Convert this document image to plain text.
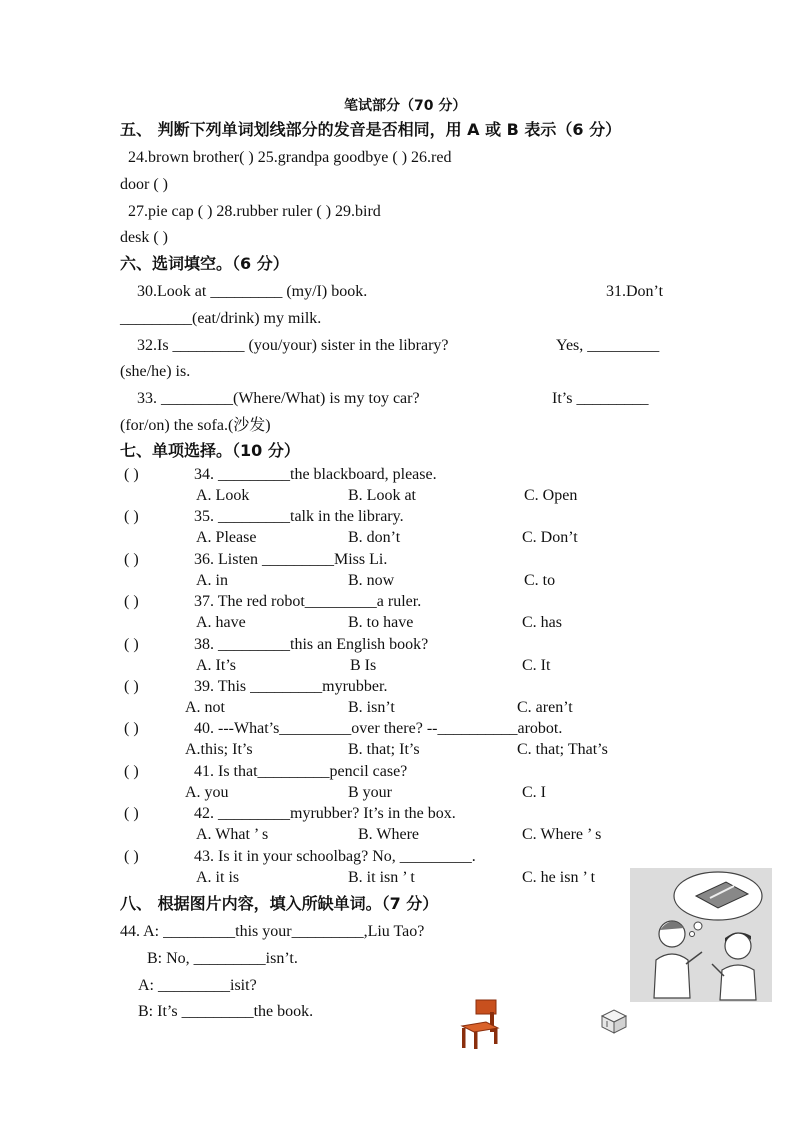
笔试部分（70 分）
五、 判断下列单词划线部分的发音是否相同，用 A 或 B 表示（6 分）
24.brown brother( ) 25.grandpa goodbye ( ) 26.red
door ( )
27.pie cap ( ) 28.rubber ruler ( ) 29.bird
desk ( )
六、选词填空。（6 分）
30.Look at _________ (my/I) book.	31.Don’t
_________(eat/drink) my milk.
32.Is _________ (you/your) sister in the library?	Yes, _________
(she/he) is.
33. _________(Where/What) is my toy car?	It’s _________
(for/on) the sofa.(沙发)
七、单项选择。（10 分）
( )	34. _________the blackboard, please.
A. Look	B. Look at	C. Open
( )	35. _________talk in the library.
A. Please	B. don’t	C. Don’t
( )	36. Listen _________Miss Li.
A. in	B. now	C. to
( )	37. The red robot_________a ruler.
A. have	B. to have	C. has
( )	38. _________this an English book?
A. It’s	B Is	C. It
( )	39. This _________myrubber.
A. not	B. isn’t	C. aren’t
( )	40. ---What’s_________over there? --__________arobot.
A.this; It’s	B. that; It’s	C. that; That’s
( )	41. Is that_________pencil case?
A. you	B your	C. I
( )	42. _________myrubber? It’s in the box.
A. What ’ s	B. Where	C. Where ’ s
( )	43. Is it in your schoolbag? No, _________.
A. it is	B. it isn ’ t	C. he isn ’ t
八、 根据图片内容，填入所缺单词。（7 分）
44. A: _________this your_________,Liu Tao?
B: No, _________isn’t.
A: _________isit?
B: It’s _________the book.
